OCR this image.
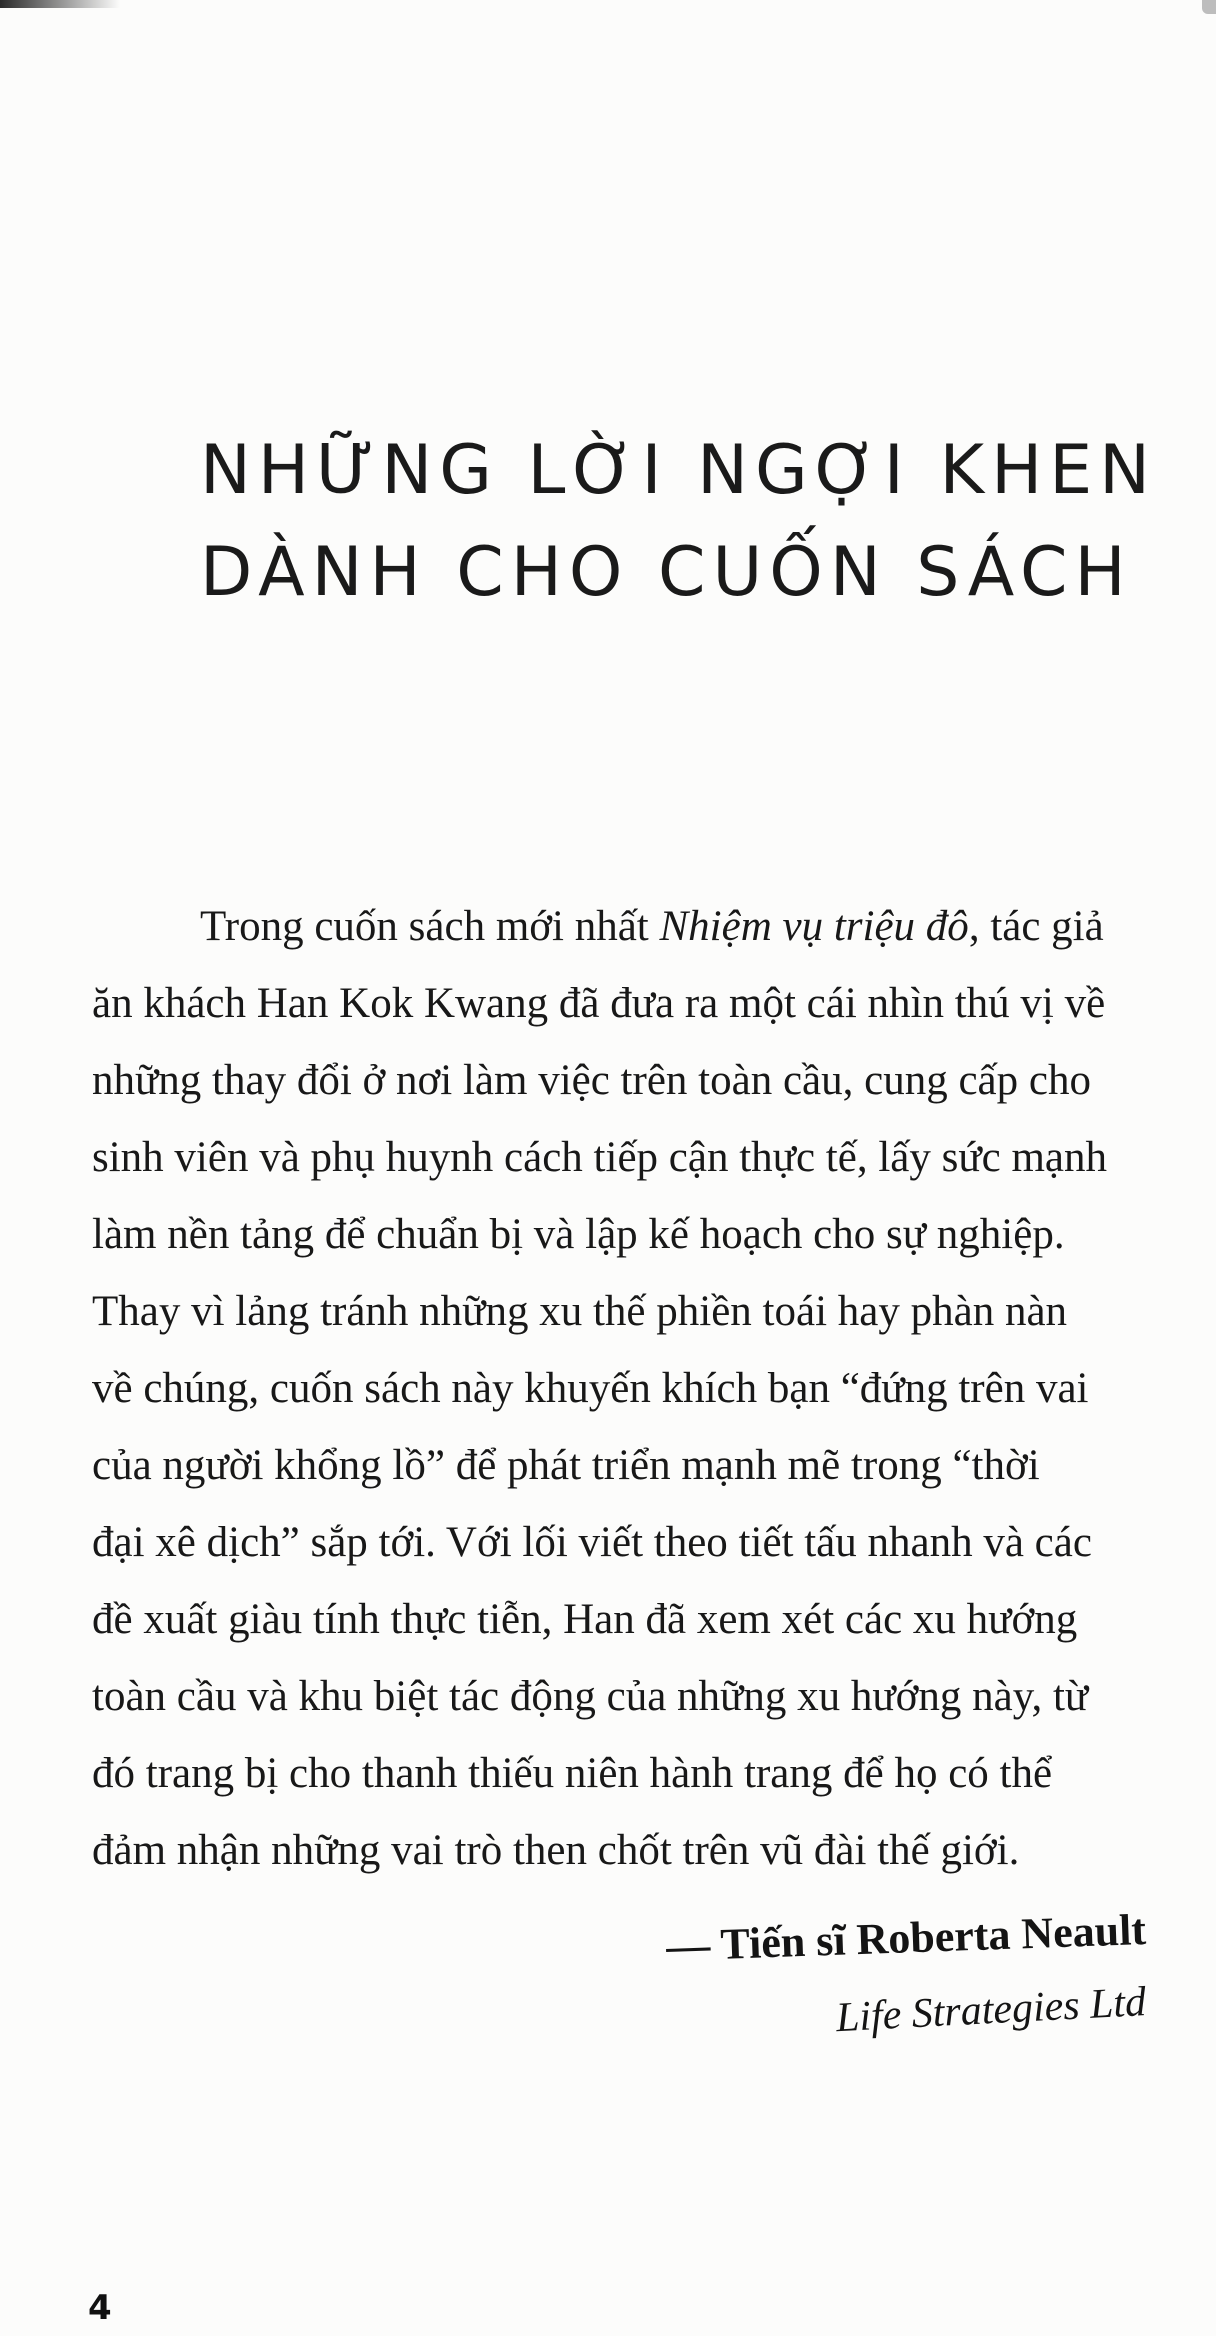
NHỮNG LỜI NGỢI KHEN
DÀNH CHO CUỐN SÁCH

Trong cuốn sách mới nhất Nhiệm vụ triệu đô, tác giả
ăn khách Han Kok Kwang đã đưa ra một cái nhìn thú vị về
những thay đổi ở nơi làm việc trên toàn cầu, cung cấp cho
sinh viên và phụ huynh cách tiếp cận thực tế, lấy sức mạnh
làm nền tảng để chuẩn bị và lập kế hoạch cho sự nghiệp.
Thay vì lảng tránh những xu thế phiền toái hay phàn nàn
về chúng, cuốn sách này khuyến khích bạn “đứng trên vai
của người khổng lồ” để phát triển mạnh mẽ trong “thời
đại xê dịch” sắp tới. Với lối viết theo tiết tấu nhanh và các
đề xuất giàu tính thực tiễn, Han đã xem xét các xu hướng
toàn cầu và khu biệt tác động của những xu hướng này, từ
đó trang bị cho thanh thiếu niên hành trang để họ có thể
đảm nhận những vai trò then chốt trên vũ đài thế giới.

— Tiến sĩ Roberta Neault
Life Strategies Ltd
4
